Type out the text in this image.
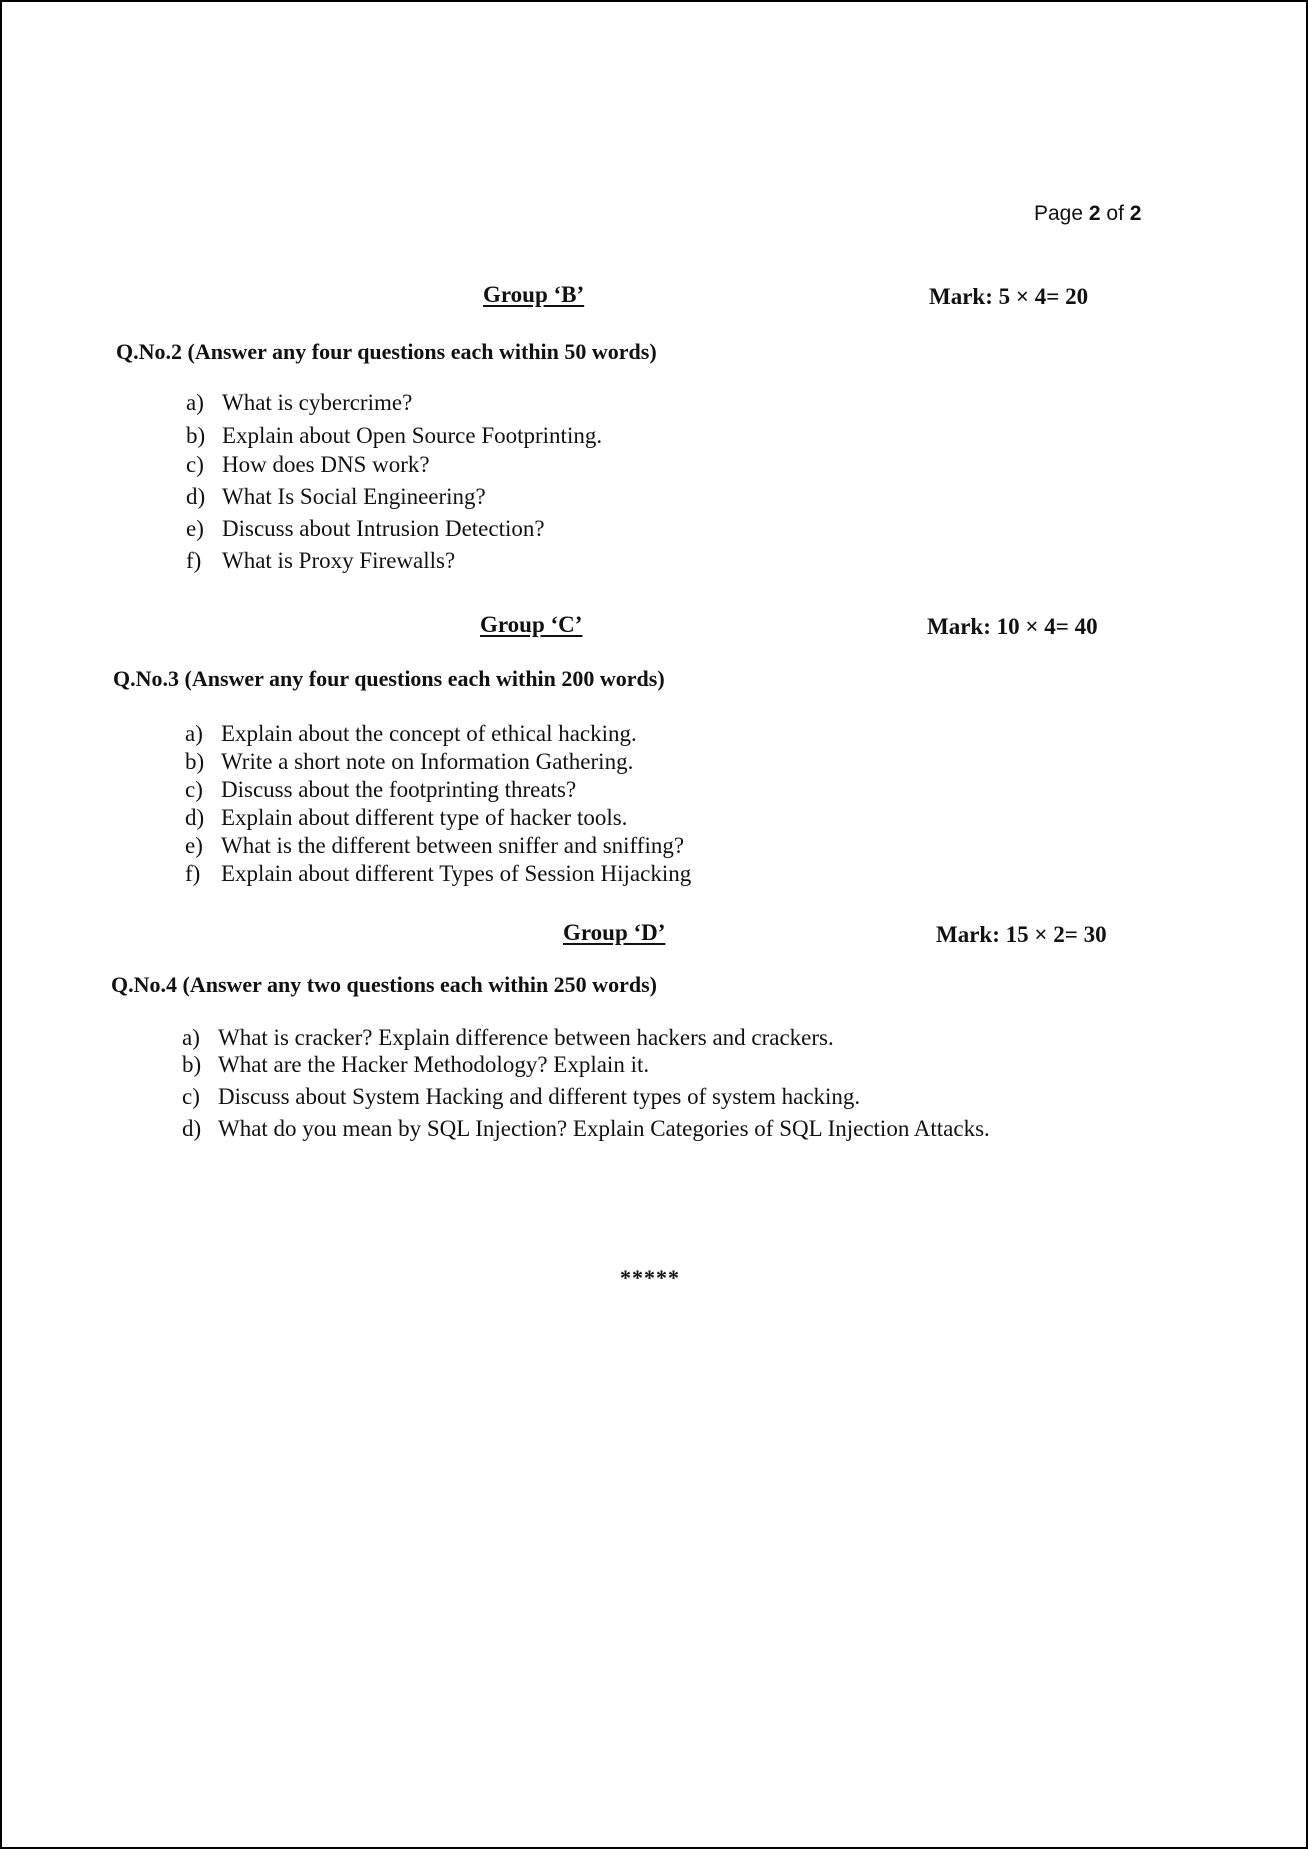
Page 2 of 2
Group ‘B’	Mark: 5 × 4= 20
Q.No.2 (Answer any four questions each within 50 words)
a) What is cybercrime?
b) Explain about Open Source Footprinting.
c) How does DNS work?
d) What Is Social Engineering?
e) Discuss about Intrusion Detection?
f) What is Proxy Firewalls?
Group ‘C’	Mark: 10 × 4= 40
Q.No.3 (Answer any four questions each within 200 words)
a) Explain about the concept of ethical hacking.
b) Write a short note on Information Gathering.
c) Discuss about the footprinting threats?
d) Explain about different type of hacker tools.
e) What is the different between sniffer and sniffing?
f) Explain about different Types of Session Hijacking
Group ‘D’	Mark: 15 × 2= 30
Q.No.4 (Answer any two questions each within 250 words)
a) What is cracker? Explain difference between hackers and crackers.
b) What are the Hacker Methodology? Explain it.
c) Discuss about System Hacking and different types of system hacking.
d) What do you mean by SQL Injection? Explain Categories of SQL Injection Attacks.
*****
